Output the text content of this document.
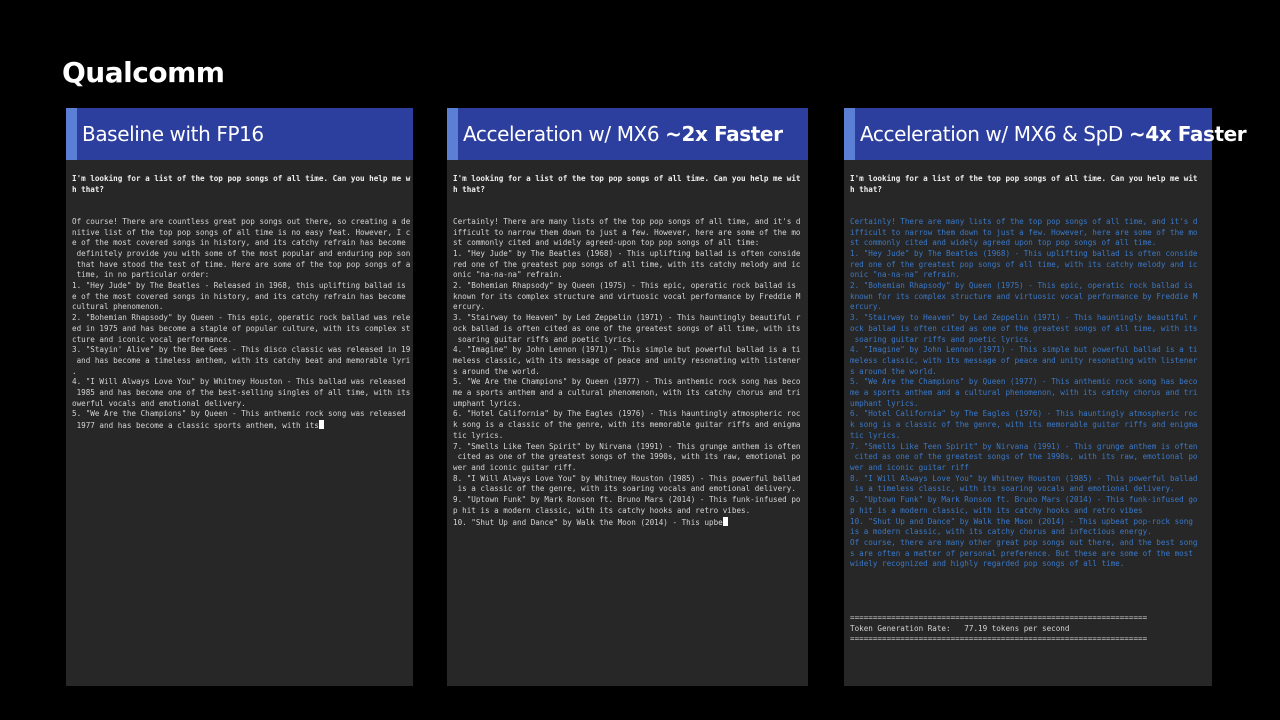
Qualcomm
Baseline with FP16
I'm looking for a list of the top pop songs of all time. Can you help me w
h that?

Of course! There are countless great pop songs out there, so creating a de
nitive list of the top pop songs of all time is no easy feat. However, I c
e of the most covered songs in history, and its catchy refrain has become
definitely provide you with some of the most popular and enduring pop son
that have stood the test of time. Here are some of the top pop songs of a
time, in no particular order:
1. "Hey Jude" by The Beatles - Released in 1968, this uplifting ballad is
e of the most covered songs in history, and its catchy refrain has become
cultural phenomenon.
2. "Bohemian Rhapsody" by Queen - This epic, operatic rock ballad was rele
ed in 1975 and has become a staple of popular culture, with its complex st
cture and iconic vocal performance.
3. "Stayin' Alive" by the Bee Gees - This disco classic was released in 19
and has become a timeless anthem, with its catchy beat and memorable lyri
.
4. "I Will Always Love You" by Whitney Houston - This ballad was released
1985 and has become one of the best-selling singles of all time, with its
owerful vocals and emotional delivery.
5. "We Are the Champions" by Queen - This anthemic rock song was released
1977 and has become a classic sports anthem, with its
Acceleration w/ MX6 ~2x Faster
I'm looking for a list of the top pop songs of all time. Can you help me wit
h that?

Certainly! There are many lists of the top pop songs of all time, and it's d
ifficult to narrow them down to just a few. However, here are some of the mo
st commonly cited and widely agreed-upon top pop songs of all time:
1. "Hey Jude" by The Beatles (1968) - This uplifting ballad is often conside
red one of the greatest pop songs of all time, with its catchy melody and ic
onic "na-na-na" refrain.
2. "Bohemian Rhapsody" by Queen (1975) - This epic, operatic rock ballad is
known for its complex structure and virtuosic vocal performance by Freddie M
ercury.
3. "Stairway to Heaven" by Led Zeppelin (1971) - This hauntingly beautiful r
ock ballad is often cited as one of the greatest songs of all time, with its
soaring guitar riffs and poetic lyrics.
4. "Imagine" by John Lennon (1971) - This simple but powerful ballad is a ti
meless classic, with its message of peace and unity resonating with listener
s around the world.
5. "We Are the Champions" by Queen (1977) - This anthemic rock song has beco
me a sports anthem and a cultural phenomenon, with its catchy chorus and tri
umphant lyrics.
6. "Hotel California" by The Eagles (1976) - This hauntingly atmospheric roc
k song is a classic of the genre, with its memorable guitar riffs and enigma
tic lyrics.
7. "Smells Like Teen Spirit" by Nirvana (1991) - This grunge anthem is often
cited as one of the greatest songs of the 1990s, with its raw, emotional po
wer and iconic guitar riff.
8. "I Will Always Love You" by Whitney Houston (1985) - This powerful ballad
is a classic of the genre, with its soaring vocals and emotional delivery.
9. "Uptown Funk" by Mark Ronson ft. Bruno Mars (2014) - This funk-infused po
p hit is a modern classic, with its catchy hooks and retro vibes.
10. "Shut Up and Dance" by Walk the Moon (2014) - This upbe
Acceleration w/ MX6 & SpD ~4x Faster
I'm looking for a list of the top pop songs of all time. Can you help me wit
h that?

Certainly! There are many lists of the top pop songs of all time, and it's d
ifficult to narrow them down to just a few. However, here are some of the mo
st commonly cited and widely agreed upon top pop songs of all time.
1. "Hey Jude" by The Beatles (1968) - This uplifting ballad is often conside
red one of the greatest pop songs of all time, with its catchy melody and ic
onic "na-na-na" refrain.
2. "Bohemian Rhapsody" by Queen (1975) - This epic, operatic rock ballad is
known for its complex structure and virtuosic vocal performance by Freddie M
ercury.
3. "Stairway to Heaven" by Led Zeppelin (1971) - This hauntingly beautiful r
ock ballad is often cited as one of the greatest songs of all time, with its
soaring guitar riffs and poetic lyrics.
4. "Imagine" by John Lennon (1971) - This simple but powerful ballad is a ti
meless classic, with its message of peace and unity resonating with listener
s around the world.
5. "We Are the Champions" by Queen (1977) - This anthemic rock song has beco
me a sports anthem and a cultural phenomenon, with its catchy chorus and tri
umphant lyrics.
6. "Hotel California" by The Eagles (1976) - This hauntingly atmospheric roc
k song is a classic of the genre, with its memorable guitar riffs and enigma
tic lyrics.
7. "Smells Like Teen Spirit" by Nirvana (1991) - This grunge anthem is often
cited as one of the greatest songs of the 1990s, with its raw, emotional po
wer and iconic guitar riff
8. "I Will Always Love You" by Whitney Houston (1985) - This powerful ballad
is a timeless classic, with its soaring vocals and emotional delivery.
9. "Uptown Funk" by Mark Ronson ft. Bruno Mars (2014) - This funk-infused go
p hit is a modern classic, with its catchy hooks and retro vibes
10. "Shut Up and Dance" by Walk the Moon (2014) - This upbeat pop-rock song
is a modern classic, with its catchy chorus and infectious energy.
Of course, there are many other great pop songs out there, and the best song
s are often a matter of personal preference. But these are some of the most
widely recognized and highly regarded pop songs of all time.

=================================================================
Token Generation Rate:   77.19 tokens per second
=================================================================
